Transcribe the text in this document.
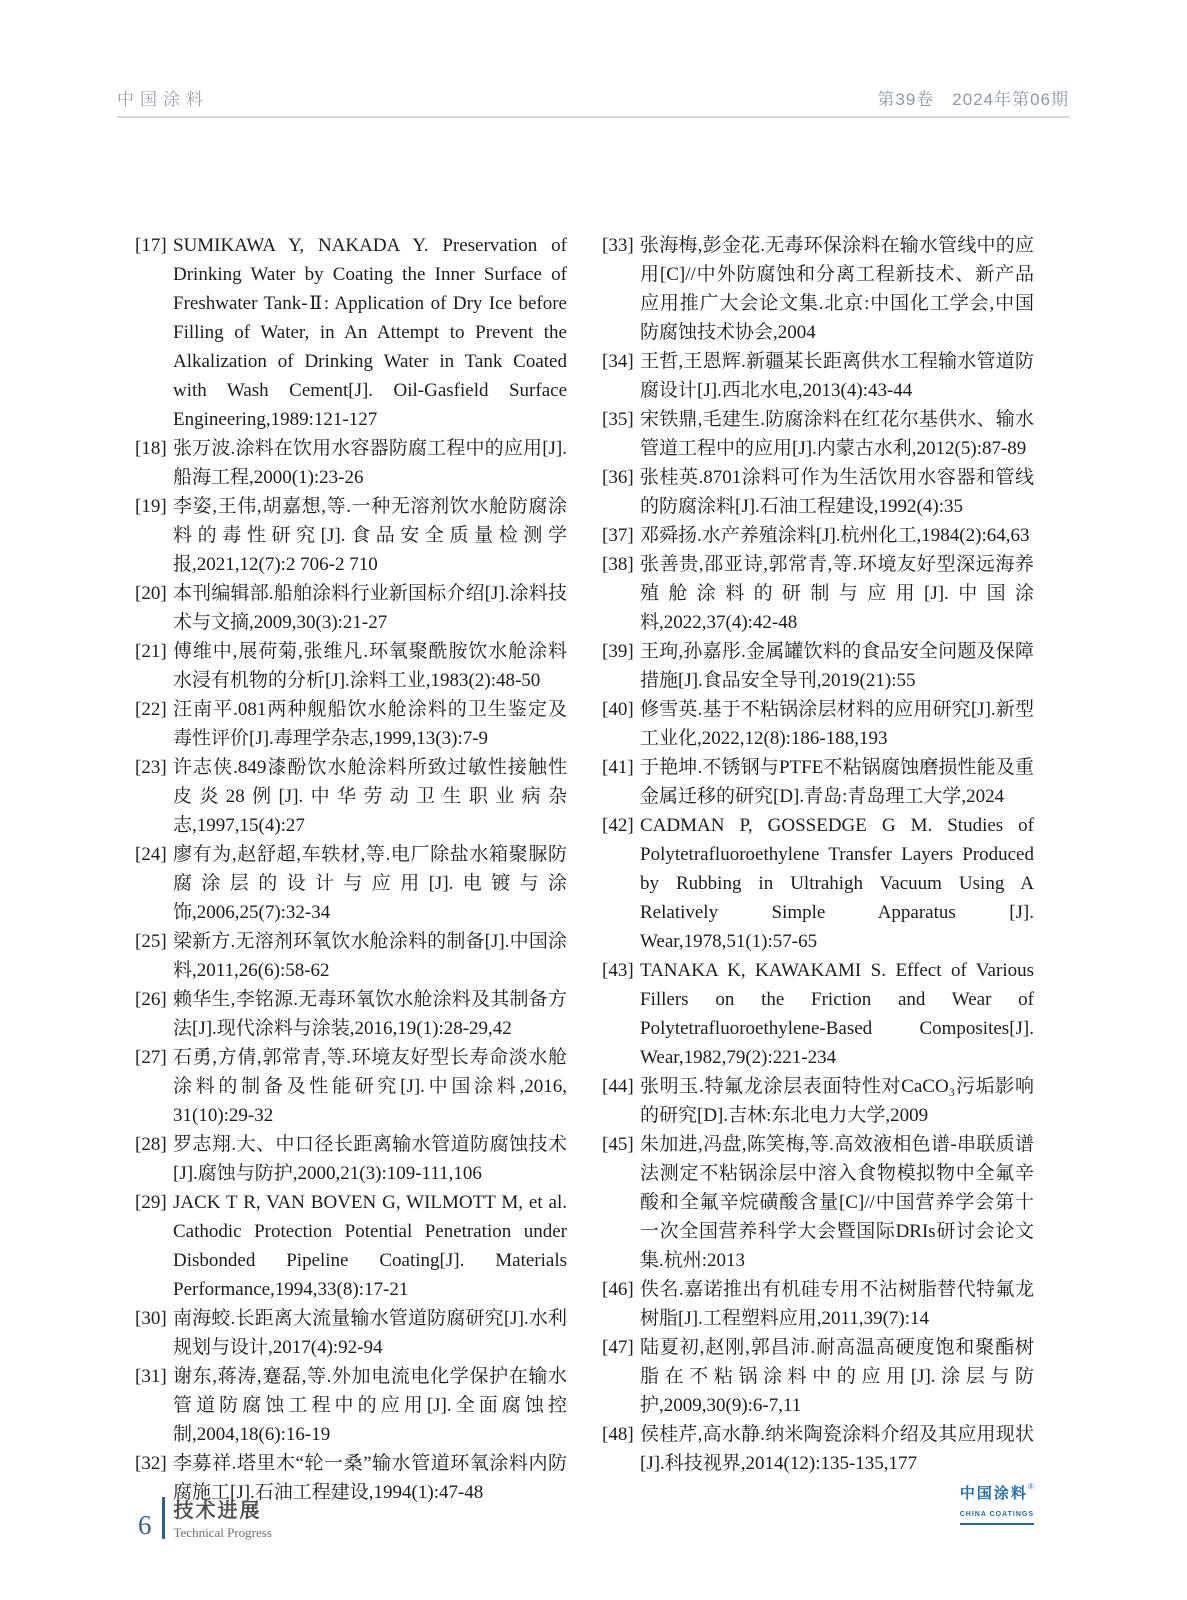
中国涂料	第39卷　2024年第06期
[17] SUMIKAWA Y, NAKADA Y. Preservation of Drinking Water by Coating the Inner Surface of Freshwater Tank-Ⅱ: Application of Dry Ice before Filling of Water, in An Attempt to Prevent the Alkalization of Drinking Water in Tank Coated with Wash Cement[J]. Oil-Gasfield Surface Engineering,1989:121-127
[18] 张万波.涂料在饮用水容器防腐工程中的应用[J].船海工程,2000(1):23-26
[19] 李姿,王伟,胡嘉想,等.一种无溶剂饮水舱防腐涂料的毒性研究[J].食品安全质量检测学报,2021,12(7):2 706-2 710
[20] 本刊编辑部.船舶涂料行业新国标介绍[J].涂料技术与文摘,2009,30(3):21-27
[21] 傅维中,展荷菊,张维凡.环氧聚酰胺饮水舱涂料水浸有机物的分析[J].涂料工业,1983(2):48-50
[22] 汪南平.081两种舰船饮水舱涂料的卫生鉴定及毒性评价[J].毒理学杂志,1999,13(3):7-9
[23] 许志侠.849漆酚饮水舱涂料所致过敏性接触性皮炎28例[J].中华劳动卫生职业病杂志,1997,15(4):27
[24] 廖有为,赵舒超,车轶材,等.电厂除盐水箱聚脲防腐涂层的设计与应用[J].电镀与涂饰,2006,25(7):32-34
[25] 梁新方.无溶剂环氧饮水舱涂料的制备[J].中国涂料,2011,26(6):58-62
[26] 赖华生,李铭源.无毒环氧饮水舱涂料及其制备方法[J].现代涂料与涂装,2016,19(1):28-29,42
[27] 石勇,方倩,郭常青,等.环境友好型长寿命淡水舱涂料的制备及性能研究[J].中国涂料,2016, 31(10):29-32
[28] 罗志翔.大、中口径长距离输水管道防腐蚀技术[J].腐蚀与防护,2000,21(3):109-111,106
[29] JACK T R, VAN BOVEN G, WILMOTT M, et al. Cathodic Protection Potential Penetration under Disbonded Pipeline Coating[J]. Materials Performance,1994,33(8):17-21
[30] 南海蛟.长距离大流量输水管道防腐研究[J].水利规划与设计,2017(4):92-94
[31] 谢东,蒋涛,蹇磊,等.外加电流电化学保护在输水管道防腐蚀工程中的应用[J].全面腐蚀控制,2004,18(6):16-19
[32] 李募祥.塔里木“轮一桑”输水管道环氧涂料内防腐施工[J].石油工程建设,1994(1):47-48
[33] 张海梅,彭金花.无毒环保涂料在输水管线中的应用[C]//中外防腐蚀和分离工程新技术、新产品应用推广大会论文集.北京:中国化工学会,中国防腐蚀技术协会,2004
[34] 王哲,王恩辉.新疆某长距离供水工程输水管道防腐设计[J].西北水电,2013(4):43-44
[35] 宋铁鼎,毛建生.防腐涂料在红花尔基供水、输水管道工程中的应用[J].内蒙古水利,2012(5):87-89
[36] 张桂英.8701涂料可作为生活饮用水容器和管线的防腐涂料[J].石油工程建设,1992(4):35
[37] 邓舜扬.水产养殖涂料[J].杭州化工,1984(2):64,63
[38] 张善贵,邵亚诗,郭常青,等.环境友好型深远海养殖舱涂料的研制与应用[J].中国涂料,2022,37(4):42-48
[39] 王珣,孙嘉彤.金属罐饮料的食品安全问题及保障措施[J].食品安全导刊,2019(21):55
[40] 修雪英.基于不粘锅涂层材料的应用研究[J].新型工业化,2022,12(8):186-188,193
[41] 于艳坤.不锈钢与PTFE不粘锅腐蚀磨损性能及重金属迁移的研究[D].青岛:青岛理工大学,2024
[42] CADMAN P, GOSSEDGE G M. Studies of Polytetrafluoroethylene Transfer Layers Produced by Rubbing in Ultrahigh Vacuum Using A Relatively Simple Apparatus [J]. Wear,1978,51(1):57-65
[43] TANAKA K, KAWAKAMI S. Effect of Various Fillers on the Friction and Wear of Polytetrafluoroethylene-Based Composites[J]. Wear,1982,79(2):221-234
[44] 张明玉.特氟龙涂层表面特性对CaCO₃污垢影响的研究[D].吉林:东北电力大学,2009
[45] 朱加进,冯盘,陈笑梅,等.高效液相色谱-串联质谱法测定不粘锅涂层中溶入食物模拟物中全氟辛酸和全氟辛烷磺酸含量[C]//中国营养学会第十一次全国营养科学大会暨国际DRIs研讨会论文集.杭州:2013
[46] 佚名.嘉诺推出有机硅专用不沾树脂替代特氟龙树脂[J].工程塑料应用,2011,39(7):14
[47] 陆夏初,赵刚,郭昌沛.耐高温高硬度饱和聚酯树脂在不粘锅涂料中的应用[J].涂层与防护,2009,30(9):6-7,11
[48] 侯桂芹,高水静.纳米陶瓷涂料介绍及其应用现状[J].科技视界,2014(12):135-135,177
中国涂料®
CHINA COATINGS
6 技术进展
Technical Progress
